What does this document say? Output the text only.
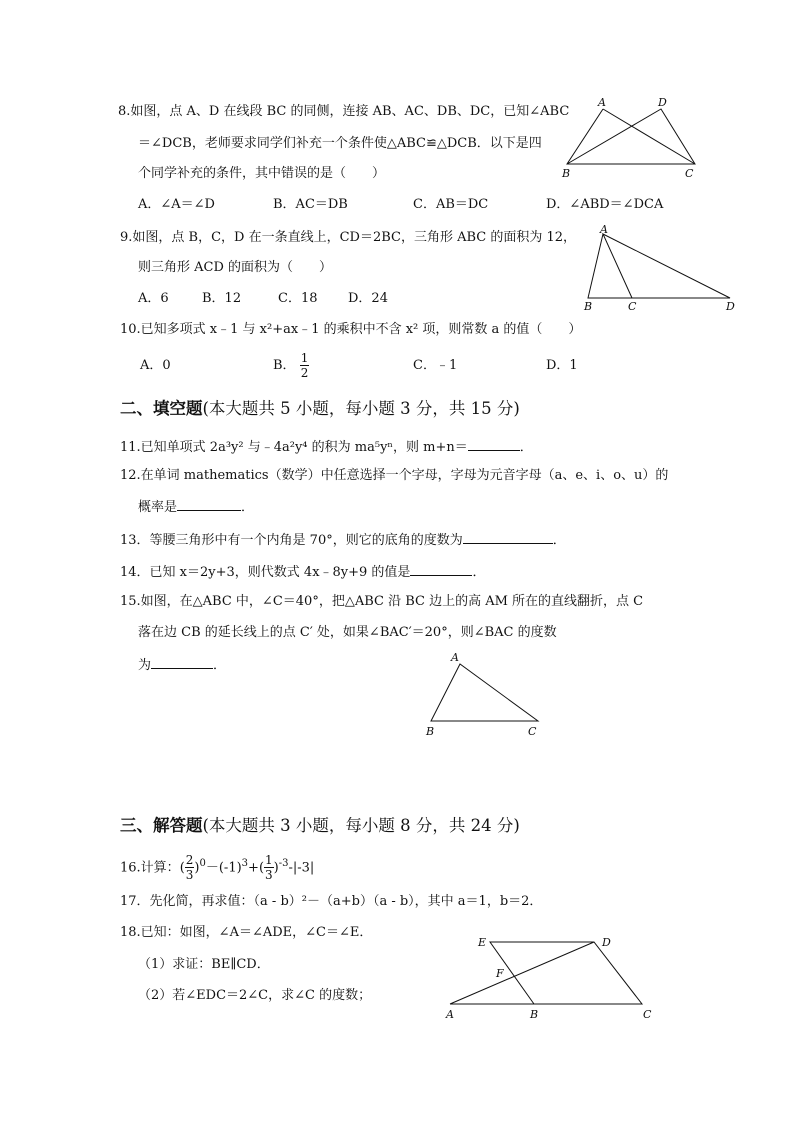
8.如图，点 A、D 在线段 BC 的同侧，连接 AB、AC、DB、DC，已知∠ABC
＝∠DCB，老师要求同学们补充一个条件使△ABC≌△DCB．以下是四
个同学补充的条件，其中错误的是（　　）
A．∠A＝∠D	B．AC＝DB	C．AB＝DC	D．∠ABD＝∠DCA
A	D
B	C
9.如图，点 B，C，D 在一条直线上，CD＝2BC，三角形 ABC 的面积为 12，
则三角形 ACD 的面积为（　　）
A．6	B．12	C．18 D．24
A
B	C	D
10.已知多项式 x﹣1 与 x²+ax﹣1 的乘积中不含 x² 项，则常数 a 的值（　　）
A．0	B． $\frac{1}{2}$	C．﹣1	D．1
二、填空题(本大题共 5 小题，每小题 3 分，共 15 分)
11.已知单项式 2a³y² 与﹣4a²y⁴ 的积为 ma⁵yⁿ，则 m+n＝	．
12.在单词 mathematics（数学）中任意选择一个字母，字母为元音字母（a、e、i、o、u）的
概率是	．
13．等腰三角形中有一个内角是 70°，则它的底角的度数为	．
14．已知 x＝2y+3，则代数式 4x﹣8y+9 的值是	．
15.如图，在△ABC 中，∠C＝40°，把△ABC 沿 BC 边上的高 AM 所在的直线翻折，点 C
落在边 CB 的延长线上的点 C′ 处，如果∠BAC′＝20°，则∠BAC 的度数
为	．
A
B	C
三、解答题(本大题共 3 小题，每小题 8 分，共 24 分)
16.计算：( $\frac{2}{3} )^0-(-1)^3+( \frac{1}{3} )^{-3}-|-3|$
17．先化简，再求值：（a - b）²－（a+b）（a - b），其中 a＝1，b＝2．
18.已知：如图，∠A＝∠ADE，∠C＝∠E．
（1）求证：BE∥CD．
（2）若∠EDC＝2∠C，求∠C 的度数；
E	D
F
A	B	C
